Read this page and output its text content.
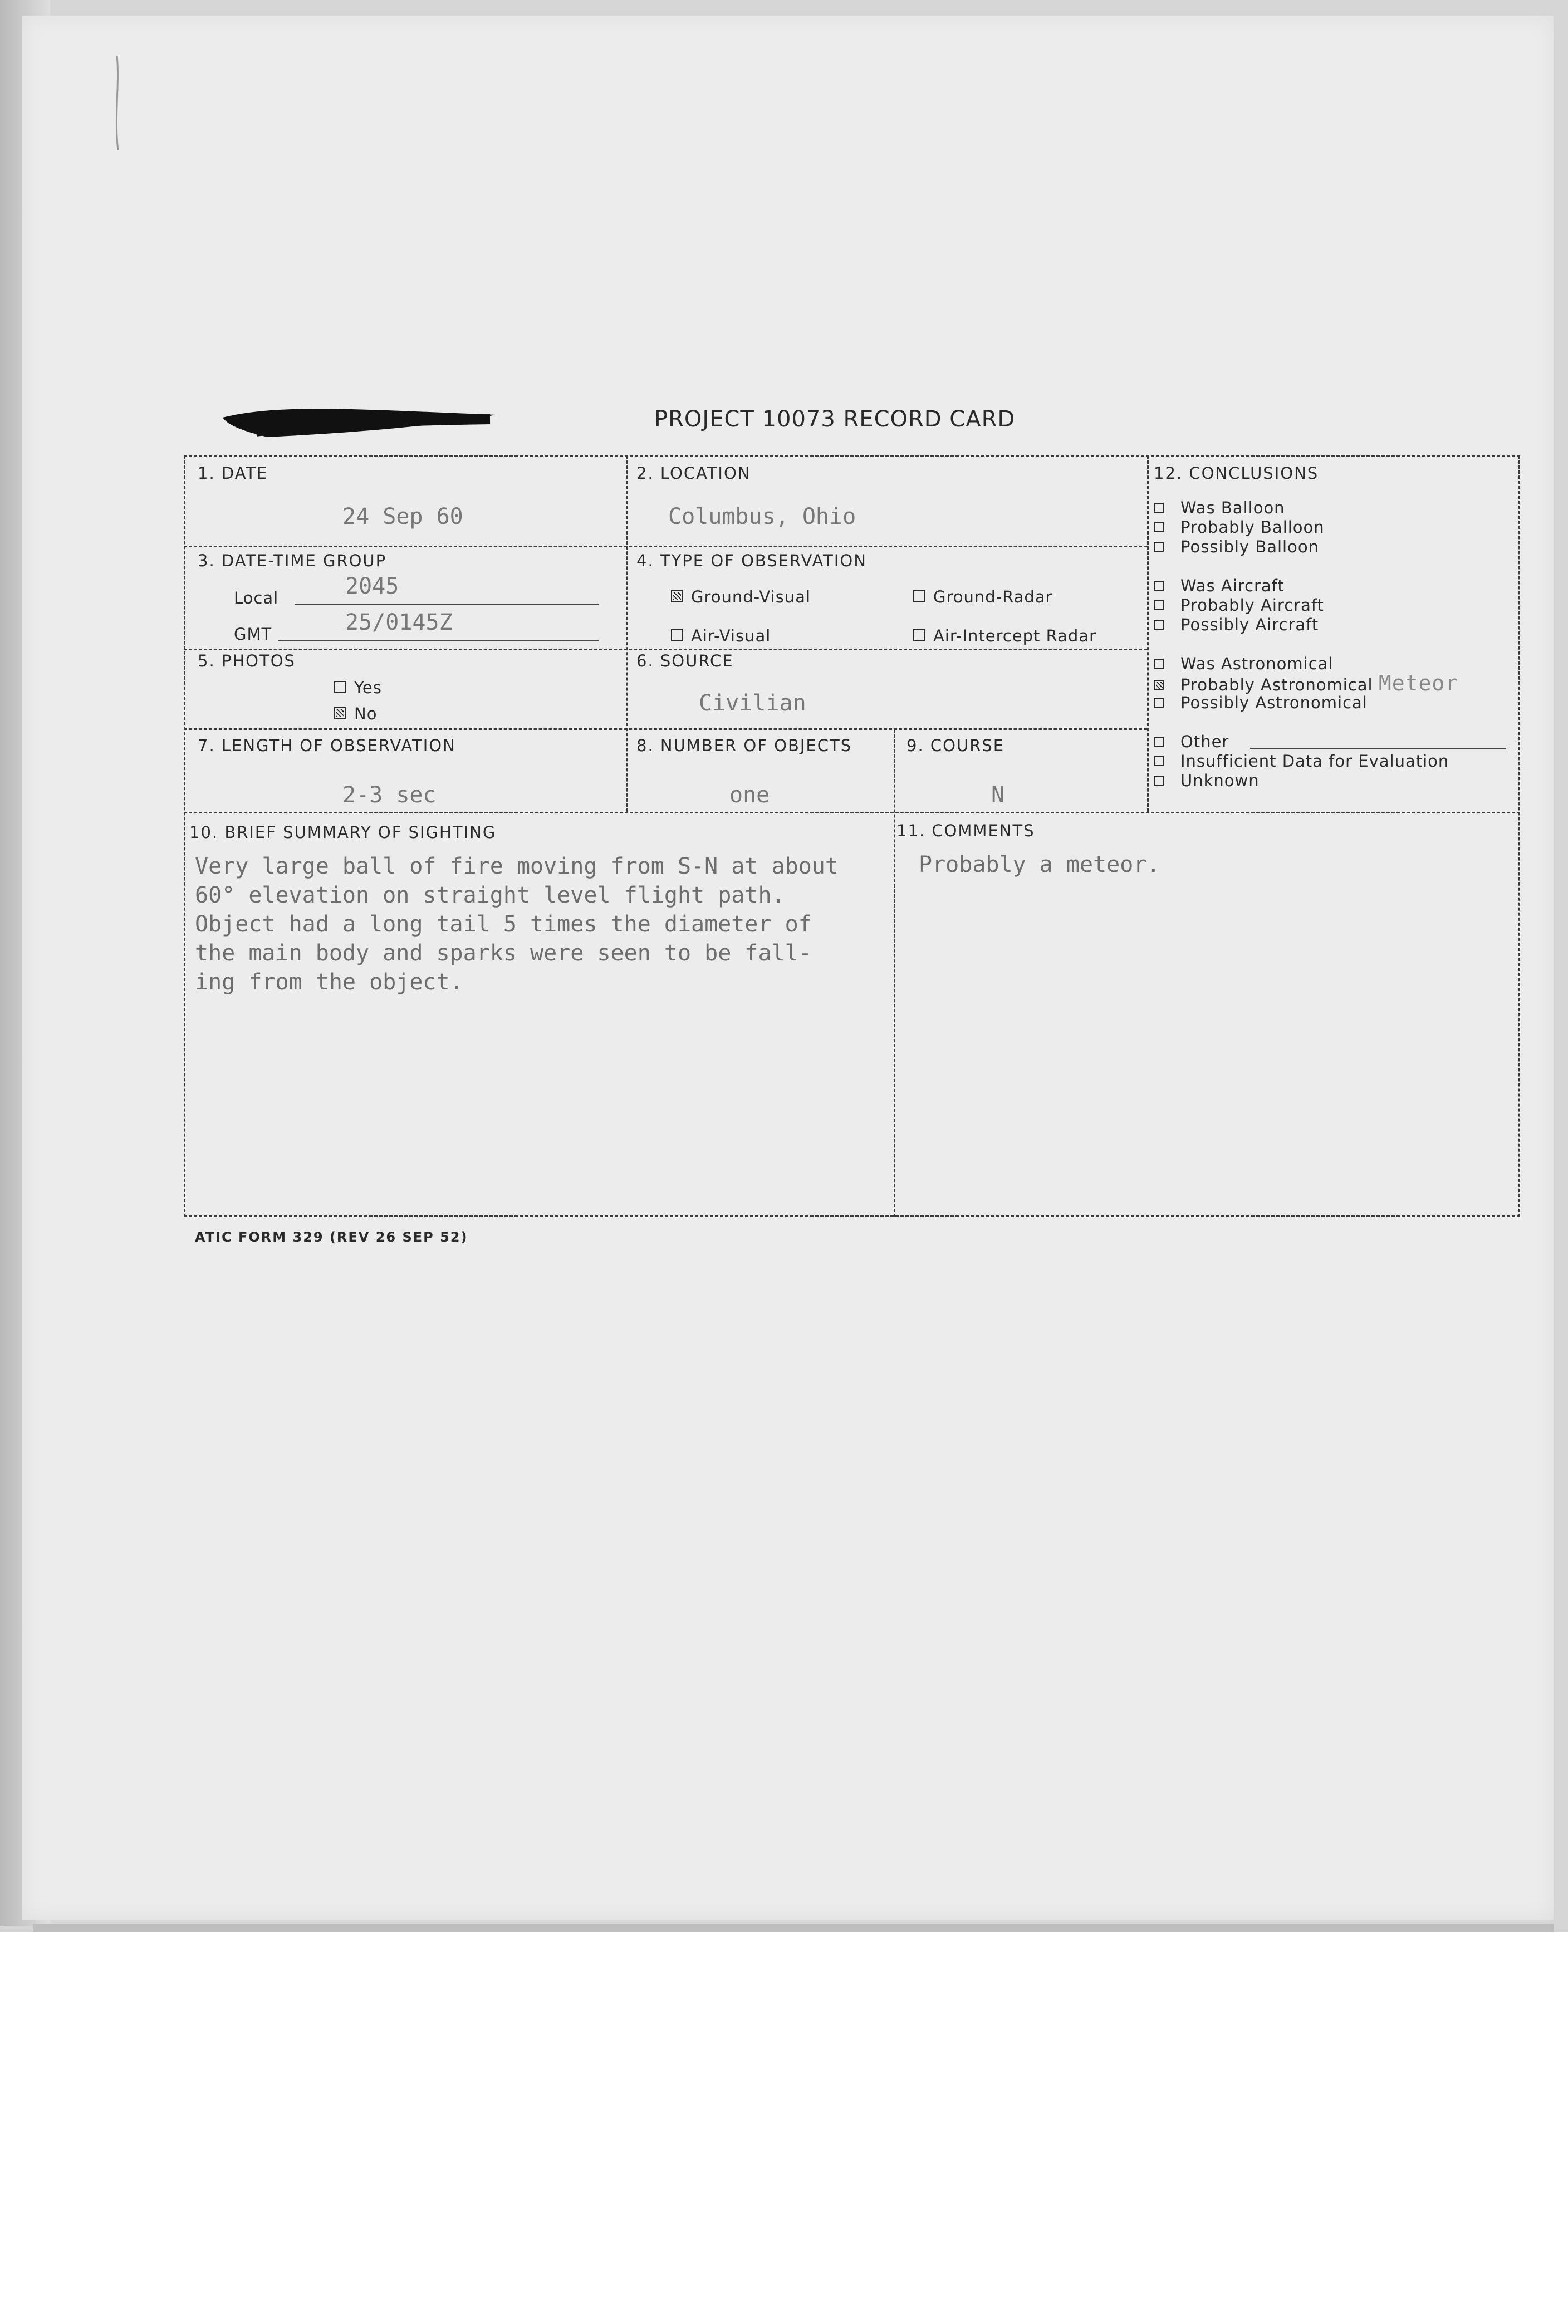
PROJECT 10073 RECORD CARD
1. DATE
24 Sep 60
2. LOCATION
Columbus, Ohio
3. DATE-TIME GROUP
Local	2045
GMT	25/0145Z
4. TYPE OF OBSERVATION
Ground-Visual	Ground-Radar
Air-Visual	Air-Intercept Radar
5. PHOTOS
Yes
No
6. SOURCE
Civilian
7. LENGTH OF OBSERVATION
2-3 sec
8. NUMBER OF OBJECTS
one
9. COURSE
N
10. BRIEF SUMMARY OF SIGHTING
Very large ball of fire moving from S-N at about
60° elevation on straight level flight path.
Object had a long tail 5 times the diameter of
the main body and sparks were seen to be fall-
ing from the object.
11. COMMENTS
Probably a meteor.
12. CONCLUSIONS
Was Balloon
Probably Balloon
Possibly Balloon
Was Aircraft
Probably Aircraft
Possibly Aircraft
Was Astronomical
Probably Astronomical Meteor
Possibly Astronomical
Other
Insufficient Data for Evaluation
Unknown
ATIC FORM 329 (REV 26 SEP 52)
